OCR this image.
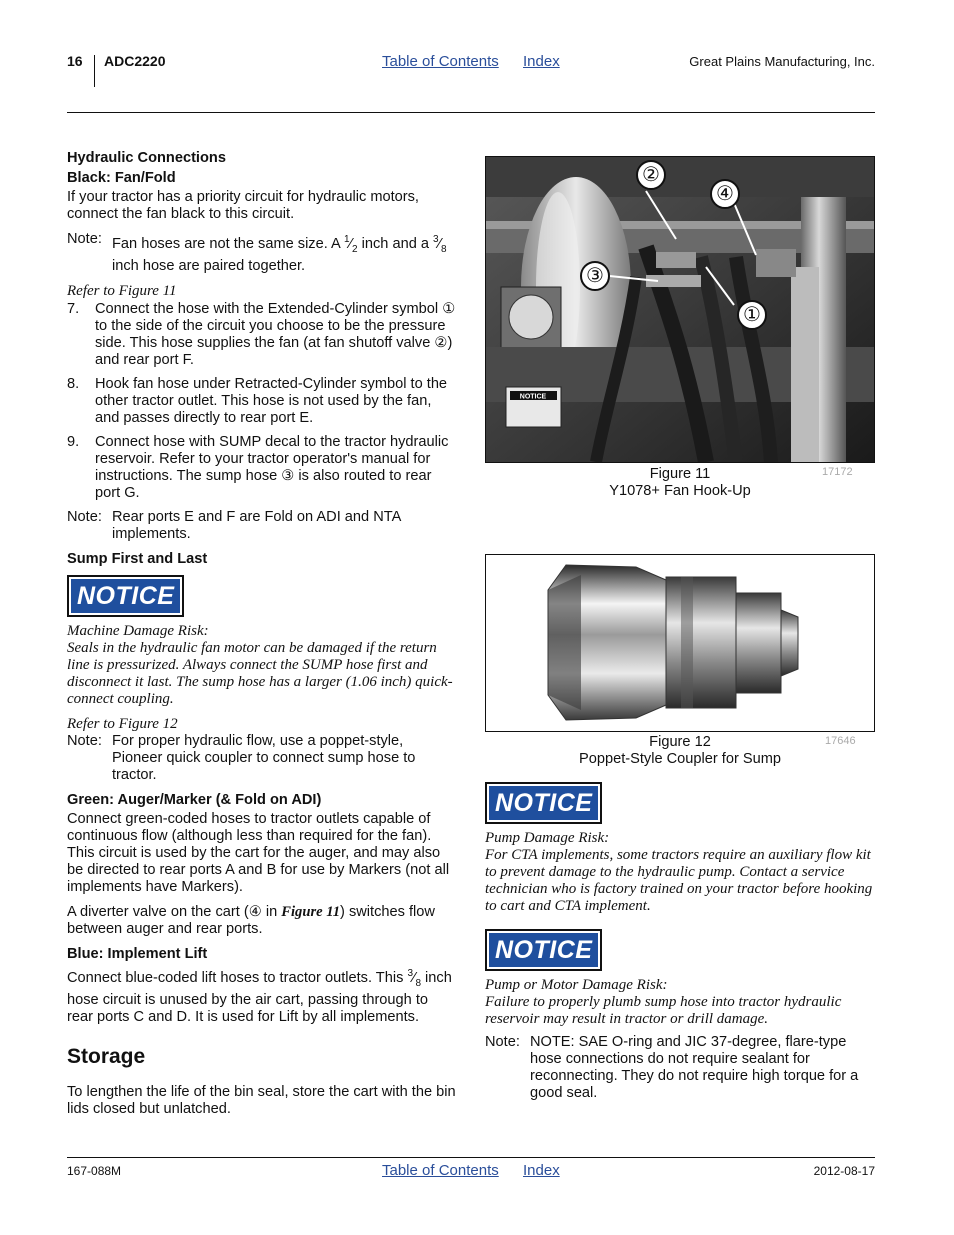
16 ADC2220	Table of Contents Index	Great Plains Manufacturing, Inc.

Hydraulic Connections

Black: Fan/Fold

If your tractor has a priority circuit for hydraulic motors, connect the fan black to this circuit.

Note: Fan hoses are not the same size. A $^1⁄_2$ inch and a $^3⁄_8$ inch hose are paired together.

Refer to Figure 11

7.	Connect the hose with the Extended-Cylinder symbol ① to the side of the circuit you choose to be the pressure side. This hose supplies the fan (at fan shutoff valve ②) and rear port F.
8.	Hook fan hose under Retracted-Cylinder symbol to the other tractor outlet. This hose is not used by the fan, and passes directly to rear port E.
9.	Connect hose with SUMP decal to the tractor hydraulic reservoir. Refer to your tractor operator's manual for instructions. The sump hose ③ is also routed to rear port G.
Note: Rear ports E and F are Fold on ADI and NTA implements.

Sump First and Last

NOTICE

Machine Damage Risk:

Seals in the hydraulic fan motor can be damaged if the return line is pressurized. Always connect the SUMP hose first and disconnect it last. The sump hose has a larger (1.06 inch) quick-connect coupling.

Refer to Figure 12

Note: For proper hydraulic flow, use a poppet-style, Pioneer quick coupler to connect sump hose to tractor.

Green: Auger/Marker (& Fold on ADI)

Connect green-coded hoses to tractor outlets capable of continuous flow (although less than required for the fan). This circuit is used by the cart for the auger, and may also be directed to rear ports A and B for use by Markers (not all implements have Markers).

A diverter valve on the cart (④ in Figure 11) switches flow between auger and rear ports.

Blue: Implement Lift

Connect blue-coded lift hoses to tractor outlets. This $^3⁄_8$ inch hose circuit is unused by the air cart, passing through to rear ports C and D. It is used for Lift by all implements.

Storage

To lengthen the life of the bin seal, store the cart with the bin lids closed but unlatched.

NOTICE
②
④
③
①

Figure 11

Y1078+ Fan Hook-Up

17172

Figure 12

Poppet-Style Coupler for Sump

17646
NOTICE

Pump Damage Risk:

For CTA implements, some tractors require an auxiliary flow kit to prevent damage to the hydraulic pump. Contact a service technician who is factory trained on your tractor before hooking to cart and CTA implement.

NOTICE

Pump or Motor Damage Risk:

Failure to properly plumb sump hose into tractor hydraulic reservoir may result in tractor or drill damage.

Note: NOTE: SAE O-ring and JIC 37-degree, flare-type hose connections do not require sealant for reconnecting. They do not require high torque for a good seal.
167-088M	Table of Contents Index	2012-08-17
